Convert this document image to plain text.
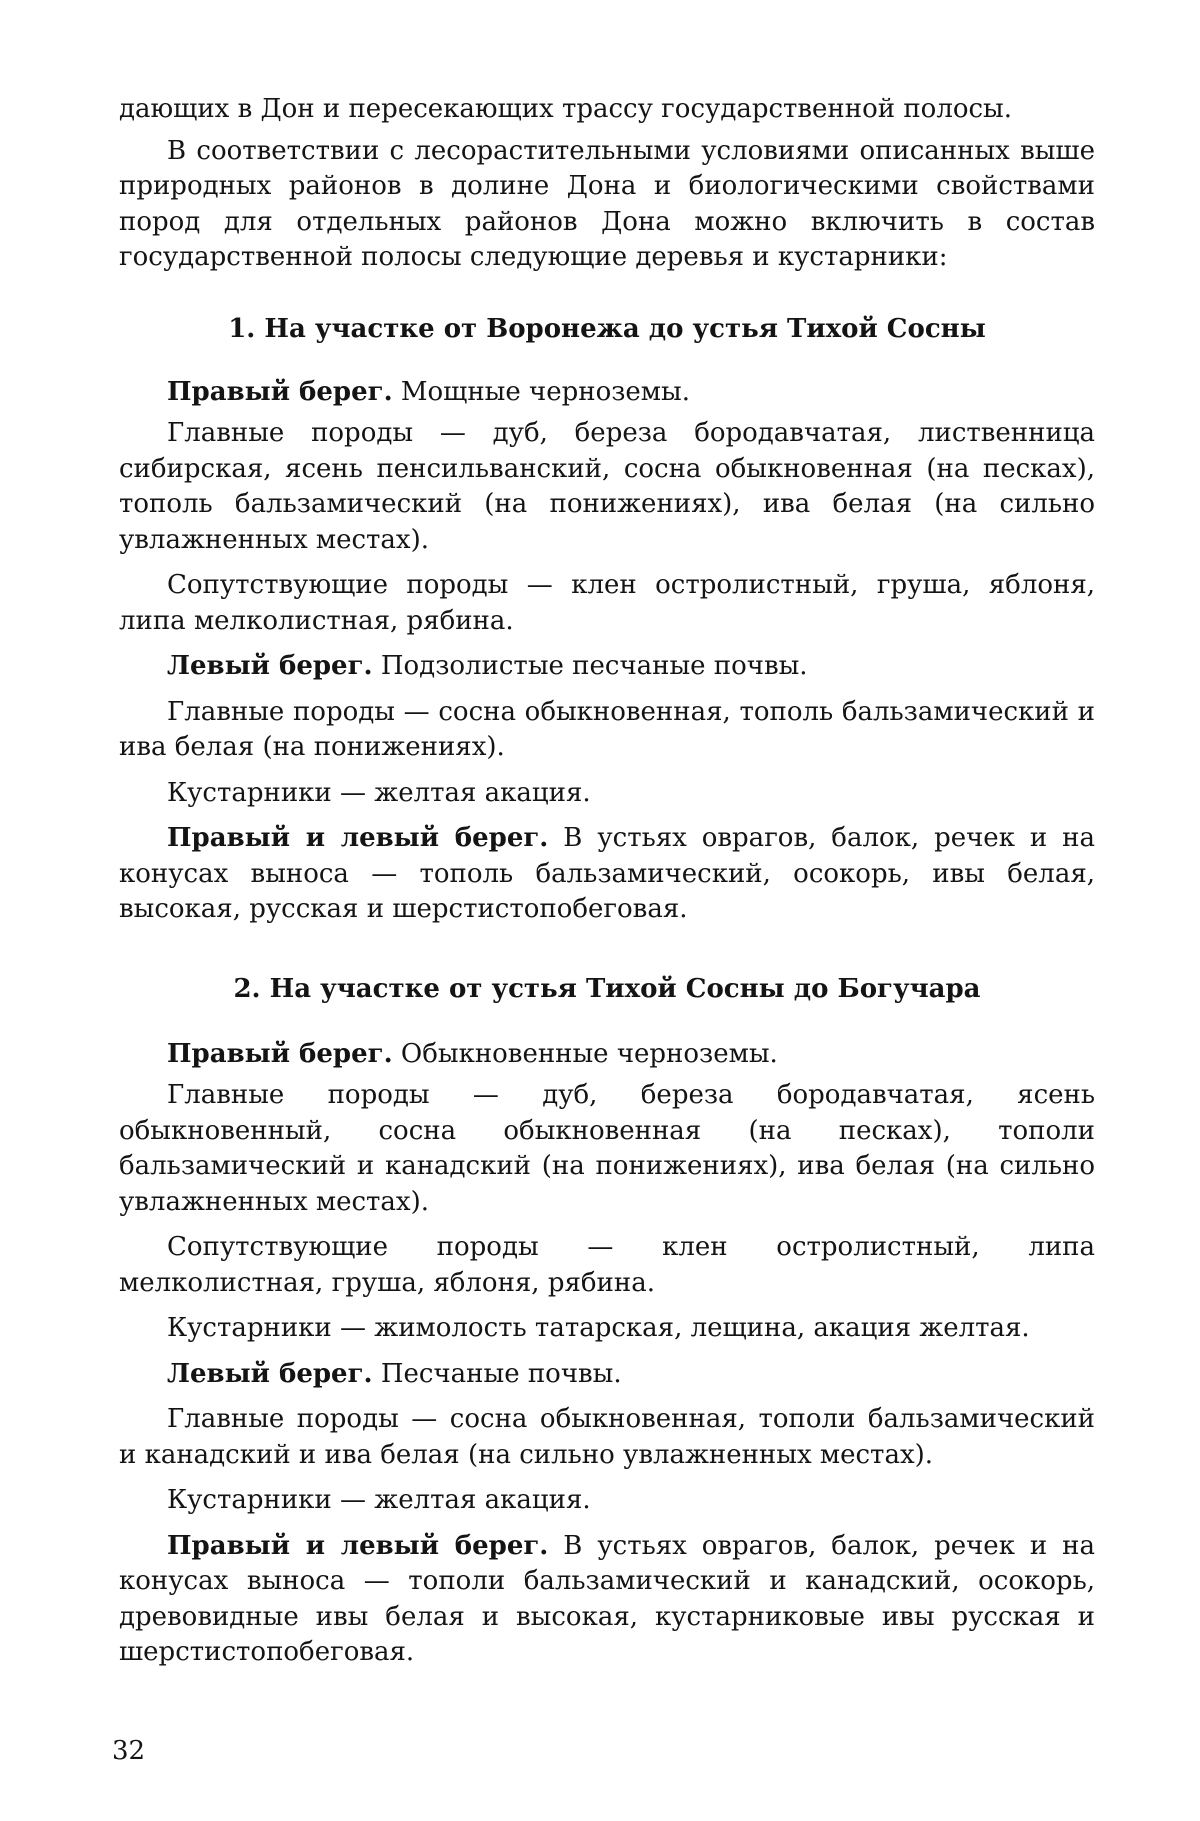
дающих в Дон и пересекающих трассу государственной полосы.

В соответствии с лесорастительными условиями описанных выше природных районов в долине Дона и биологическими свойствами пород для отдельных районов Дона можно включить в состав государственной полосы следующие деревья и кустарники:

1. На участке от Воронежа до устья Тихой Сосны

Правый берег. Мощные черноземы.

Главные породы — дуб, береза бородавчатая, лиственница сибирская, ясень пенсильванский, сосна обыкновенная (на песках), тополь бальзамический (на понижениях), ива белая (на сильно увлажненных местах).

Сопутствующие породы — клен остролистный, груша, яблоня, липа мелколистная, рябина.

Левый берег. Подзолистые песчаные почвы.

Главные породы — сосна обыкновенная, тополь бальзамический и ива белая (на понижениях).

Кустарники — желтая акация.

Правый и левый берег. В устьях оврагов, балок, речек и на конусах выноса — тополь бальзамический, осокорь, ивы белая, высокая, русская и шерстистопобеговая.

2. На участке от устья Тихой Сосны до Богучара

Правый берег. Обыкновенные черноземы.

Главные породы — дуб, береза бородавчатая, ясень обыкновенный, сосна обыкновенная (на песках), тополи бальзамический и канадский (на понижениях), ива белая (на сильно увлажненных местах).

Сопутствующие породы — клен остролистный, липа мелколистная, груша, яблоня, рябина.

Кустарники — жимолость татарская, лещина, акация желтая.

Левый берег. Песчаные почвы.

Главные породы — сосна обыкновенная, тополи бальзамический и канадский и ива белая (на сильно увлажненных местах).

Кустарники — желтая акация.

Правый и левый берег. В устьях оврагов, балок, речек и на конусах выноса — тополи бальзамический и канадский, осокорь, древовидные ивы белая и высокая, кустарниковые ивы русская и шерстистопобеговая.

32
